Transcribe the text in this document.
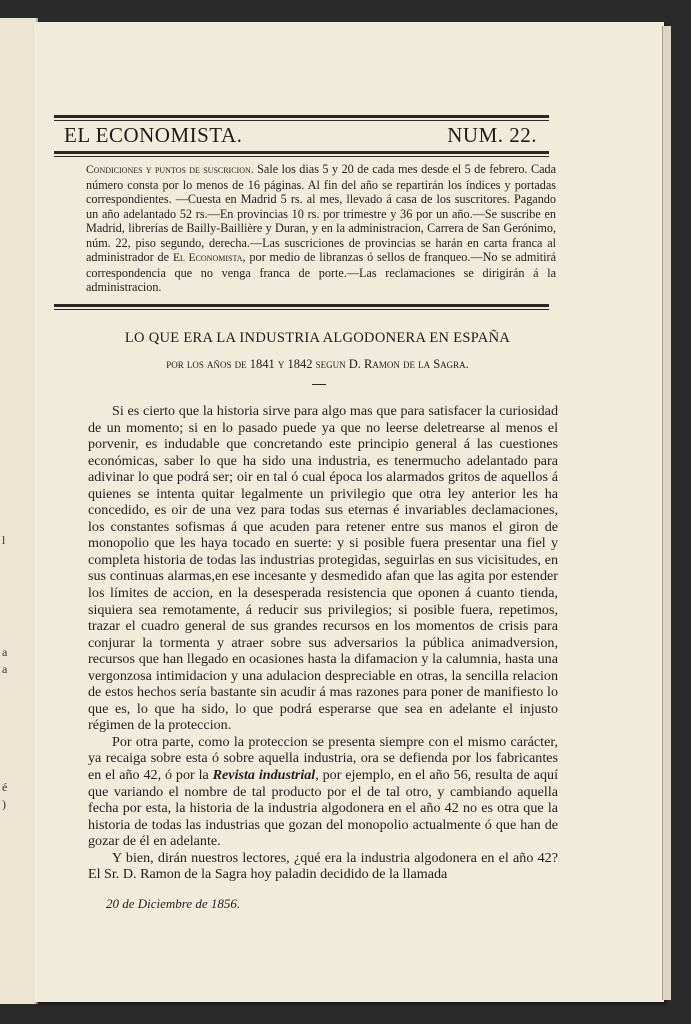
l
a
a
é
)
EL ECONOMISTA.	NUM. 22.

Condiciones y puntos de suscricion. Sale los dias 5 y 20 de cada mes desde el 5 de febrero. Cada número consta por lo menos de 16 páginas. Al fin del año se repartirán los índices y portadas correspondientes. —Cuesta en Madrid 5 rs. al mes, llevado á casa de los suscritores. Pagando un año adelantado 52 rs.—En provincias 10 rs. por trimestre y 36 por un año.—Se suscribe en Madrid, librerías de Bailly-Baillière y Duran, y en la administracion, Carrera de San Gerónimo, núm. 22, piso segundo, derecha.—Las suscriciones de provincias se harán en carta franca al administrador de El Economista, por medio de libranzas ó sellos de franqueo.—No se admitirá correspondencia que no venga franca de porte.—Las reclamaciones se dirigirán á la administracion.

LO QUE ERA LA INDUSTRIA ALGODONERA EN ESPAÑA
por los años de 1841 y 1842 segun D. Ramon de la Sagra.

Si es cierto que la historia sirve para algo mas que para satisfacer la curiosidad de un momento; si en lo pasado puede ya que no leerse deletrearse al menos el porvenir, es indudable que concretando este principio general á las cuestiones económicas, saber lo que ha sido una industria, es tenermucho adelantado para adivinar lo que podrá ser; oir en tal ó cual época los alarmados gritos de aquellos á quienes se intenta quitar legalmente un privilegio que otra ley anterior les ha concedido, es oir de una vez para todas sus eternas é invariables declamaciones, los constantes sofismas á que acuden para retener entre sus manos el giron de monopolio que les haya tocado en suerte: y si posible fuera presentar una fiel y completa historia de todas las industrias protegidas, seguirlas en sus vicisitudes, en sus continuas alarmas,en ese incesante y desmedido afan que las agita por estender los límites de accion, en la desesperada resistencia que oponen á cuanto tienda, siquiera sea remotamente, á reducir sus privilegios; si posible fuera, repetimos, trazar el cuadro general de sus grandes recursos en los momentos de crisis para conjurar la tormenta y atraer sobre sus adversarios la pública animadversion, recursos que han llegado en ocasiones hasta la difamacion y la calumnia, hasta una vergonzosa intimidacion y una adulacion despreciable en otras, la sencilla relacion de estos hechos sería bastante sin acudir á mas razones para poner de manifiesto lo que es, lo que ha sido, lo que podrá esperarse que sea en adelante el injusto régimen de la proteccion.

Por otra parte, como la proteccion se presenta siempre con el mismo carácter, ya recaiga sobre esta ó sobre aquella industria, ora se defienda por los fabricantes en el año 42, ó por la Revista industrial, por ejemplo, en el año 56, resulta de aquí que variando el nombre de tal producto por el de tal otro, y cambiando aquella fecha por esta, la historia de la industria algodonera en el año 42 no es otra que la historia de todas las industrias que gozan del monopolio actualmente ó que han de gozar de él en adelante.

Y bien, dirán nuestros lectores, ¿qué era la industria algodonera en el año 42? El Sr. D. Ramon de la Sagra hoy paladin decidido de la llamada

20 de Diciembre de 1856.
